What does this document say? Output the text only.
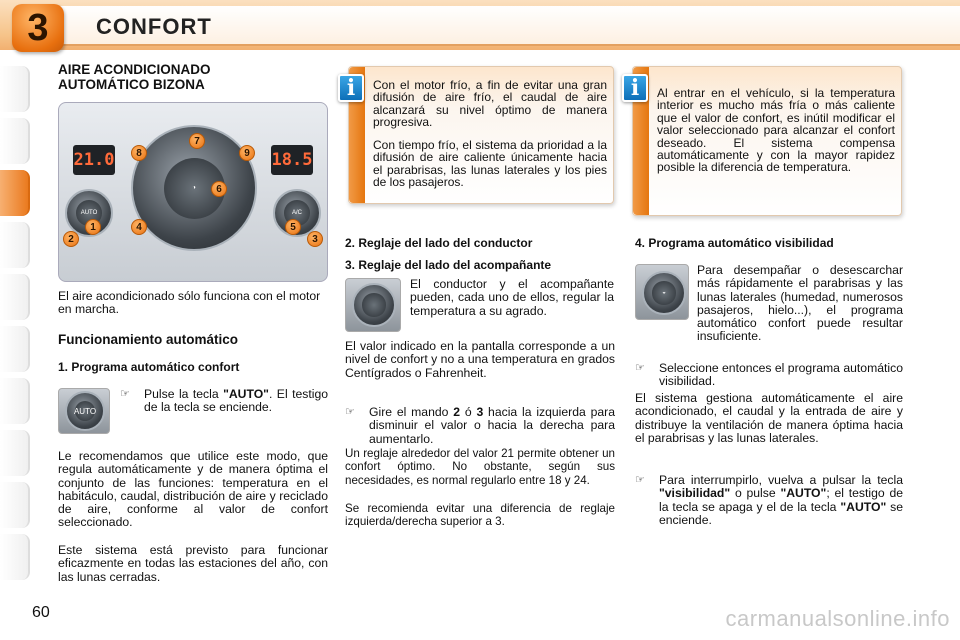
3	CONFORT
AIRE ACONDICIONADO
AUTOMÁTICO BIZONA
21.0	18.5
◑
AUTO	A/C
7
8	9
6
1
2
4	5
3
El aire acondicionado sólo funciona con el motor en marcha.
Funcionamiento automático
1. Programa automático confort
AUTO
☞	Pulse la tecla "AUTO". El testigo de la tecla se enciende.
Le recomendamos que utilice este modo, que regula automáticamente y de manera óptima el conjunto de las funciones: temperatura en el habitáculo, caudal, distribución de aire y reciclado de aire, conforme al valor de confort seleccionado.
Este sistema está previsto para funcionar eficazmente en todas las estaciones del año, con las lunas cerradas.
Con el motor frío, a fin de evitar una gran difusión de aire frío, el caudal de aire alcanzará su nivel óptimo de manera progresiva.
Con tiempo frío, el sistema da prioridad a la difusión de aire caliente únicamente hacia el parabrisas, las lunas laterales y los pies de los pasajeros.
i	Al entrar en el vehículo, si la temperatura interior es mucho más fría o más caliente que el valor de confort, es inútil modificar el valor seleccionado para alcanzar el confort deseado. El sistema compensa automáticamente y con la mayor rapidez posible la diferencia de temperatura.
i
2. Reglaje del lado del conductor
3. Reglaje del lado del acompañante
El conductor y el acompañante pueden, cada uno de ellos, regular la temperatura a su agrado.
El valor indicado en la pantalla corresponde a un nivel de confort y no a una temperatura en grados Centígrados o Fahrenheit.
☞	Gire el mando 2 ó 3 hacia la izquierda para disminuir el valor o hacia la derecha para aumentarlo.
Un reglaje alrededor del valor 21 permite obtener un confort óptimo. No obstante, según sus necesidades, es normal regularlo entre 18 y 24.
Se recomienda evitar una diferencia de reglaje izquierda/derecha superior a 3.
4. Programa automático visibilidad
◒
Para desempañar o desescarchar más rápidamente el parabrisas y las lunas laterales (humedad, numerosos pasajeros, hielo...), el programa automático confort puede resultar insuficiente.
☞	Seleccione entonces el programa automático visibilidad.
El sistema gestiona automáticamente el aire acondicionado, el caudal y la entrada de aire y distribuye la ventilación de manera óptima hacia el parabrisas y las lunas laterales.
☞	Para interrumpirlo, vuelva a pulsar la tecla "visibilidad" o pulse "AUTO"; el testigo de la tecla se apaga y el de la tecla "AUTO" se enciende.
60	carmanualsonline.info
